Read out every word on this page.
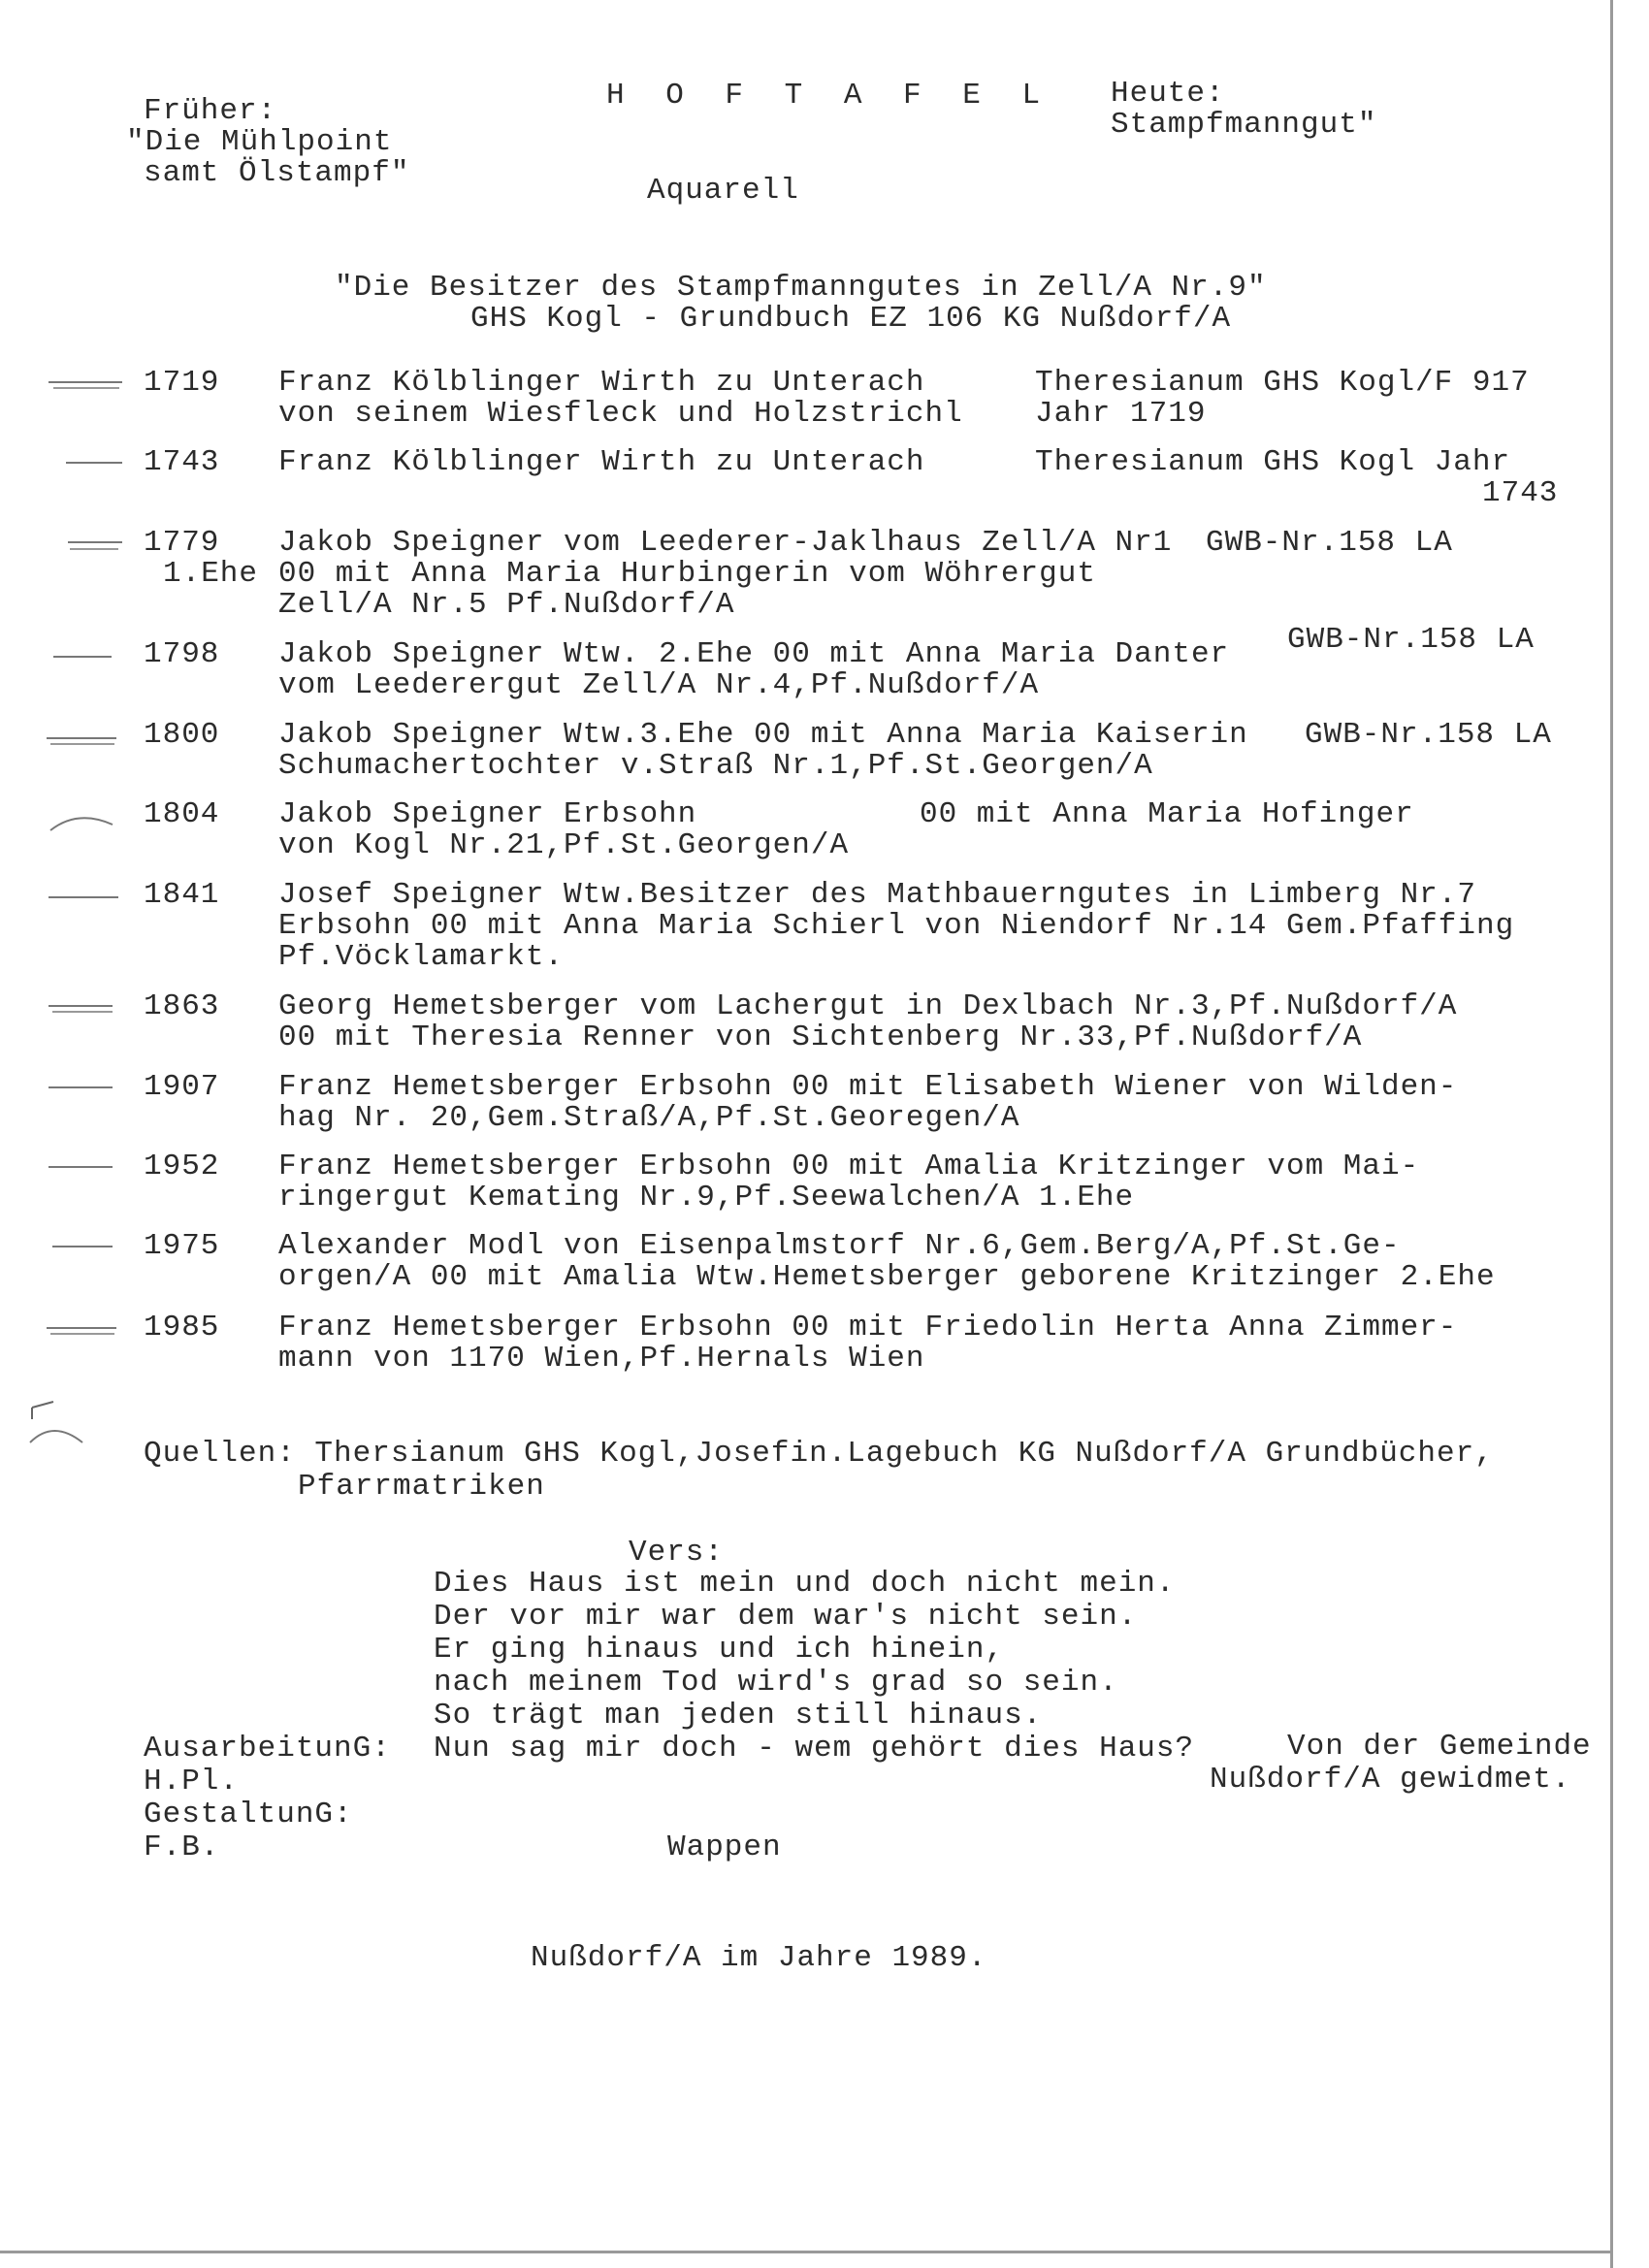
Früher:
"Die Mühlpoint
samt Ölstampf"
H O F T A F E L
Aquarell
Heute:
Stampfmanngut"
"Die Besitzer des Stampfmanngutes in Zell/A Nr.9"
GHS Kogl - Grundbuch EZ 106 KG Nußdorf/A
1719 Franz Kölblinger Wirth zu Unterach
von seinem Wiesfleck und Holzstrichl
Theresianum GHS Kogl/F 917
Jahr 1719
1743 Franz Kölblinger Wirth zu Unterach	Theresianum GHS Kogl Jahr
1743
1779
1.Ehe
Jakob Speigner vom Leederer-Jaklhaus Zell/A Nr1
00 mit Anna Maria Hurbingerin vom Wöhrergut
Zell/A Nr.5 Pf.Nußdorf/A
GWB-Nr.158 LA
1798 Jakob Speigner Wtw. 2.Ehe 00 mit Anna Maria Danter
vom Leederergut Zell/A Nr.4,Pf.Nußdorf/A
GWB-Nr.158 LA
1800 Jakob Speigner Wtw.3.Ehe 00 mit Anna Maria Kaiserin
Schumachertochter v.Straß Nr.1,Pf.St.Georgen/A
GWB-Nr.158 LA
1804 Jakob Speigner Erbsohn	00 mit Anna Maria Hofinger
von Kogl Nr.21,Pf.St.Georgen/A
1841 Josef Speigner Wtw.Besitzer des Mathbauerngutes in Limberg Nr.7
Erbsohn 00 mit Anna Maria Schierl von Niendorf Nr.14 Gem.Pfaffing
Pf.Vöcklamarkt.
1863 Georg Hemetsberger vom Lachergut in Dexlbach Nr.3,Pf.Nußdorf/A
00 mit Theresia Renner von Sichtenberg Nr.33,Pf.Nußdorf/A
1907 Franz Hemetsberger Erbsohn 00 mit Elisabeth Wiener von Wilden-
hag Nr. 20,Gem.Straß/A,Pf.St.Georegen/A
1952 Franz Hemetsberger Erbsohn 00 mit Amalia Kritzinger vom Mai-
ringergut Kemating Nr.9,Pf.Seewalchen/A 1.Ehe
1975 Alexander Modl von Eisenpalmstorf Nr.6,Gem.Berg/A,Pf.St.Ge-
orgen/A 00 mit Amalia Wtw.Hemetsberger geborene Kritzinger 2.Ehe
1985 Franz Hemetsberger Erbsohn 00 mit Friedolin Herta Anna Zimmer-
mann von 1170 Wien,Pf.Hernals Wien
Quellen: Thersianum GHS Kogl,Josefin.Lagebuch KG Nußdorf/A Grundbücher,
Pfarrmatriken
Vers:
Dies Haus ist mein und doch nicht mein.
Der vor mir war dem war's nicht sein.
Er ging hinaus und ich hinein,
nach meinem Tod wird's grad so sein.
So trägt man jeden still hinaus.
Nun sag mir doch - wem gehört dies Haus?
AusarbeitunG:
H.Pl.
GestaltunG:
F.B.
Von der Gemeinde
Nußdorf/A gewidmet.
Wappen
Nußdorf/A im Jahre 1989.
